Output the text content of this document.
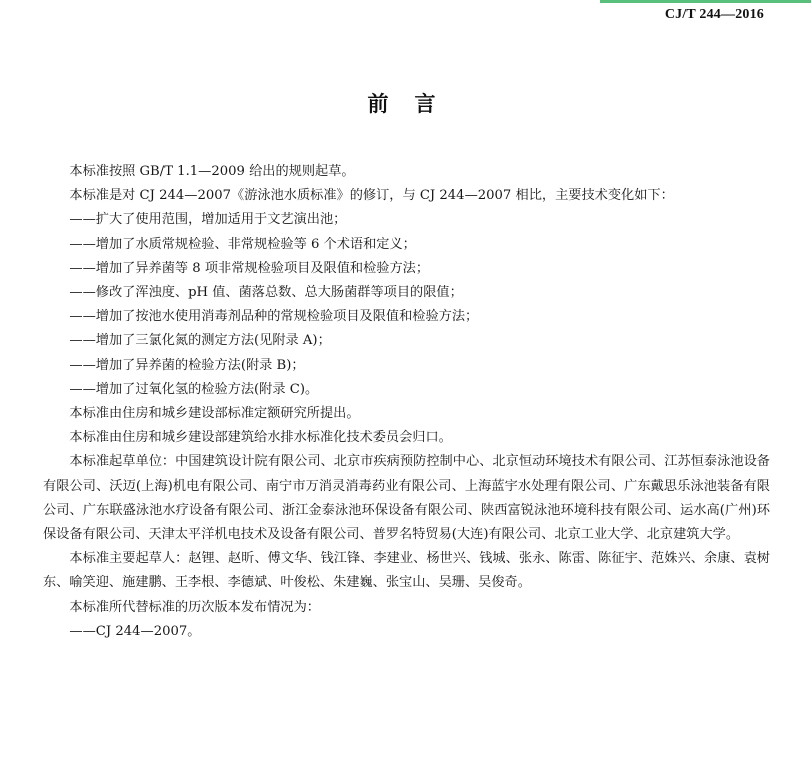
CJ/T 244—2016
前言

本标准按照 GB/T 1.1—2009 给出的规则起草。

本标准是对 CJ 244—2007《游泳池水质标准》的修订，与 CJ 244—2007 相比，主要技术变化如下：

——扩大了使用范围，增加适用于文艺演出池；

——增加了水质常规检验、非常规检验等 6 个术语和定义；

——增加了异养菌等 8 项非常规检验项目及限值和检验方法；

——修改了浑浊度、pH 值、菌落总数、总大肠菌群等项目的限值；

——增加了按池水使用消毒剂品种的常规检验项目及限值和检验方法；

——增加了三氯化氮的测定方法(见附录 A)；

——增加了异养菌的检验方法(附录 B)；

——增加了过氧化氢的检验方法(附录 C)。

本标准由住房和城乡建设部标准定额研究所提出。

本标准由住房和城乡建设部建筑给水排水标准化技术委员会归口。

本标准起草单位：中国建筑设计院有限公司、北京市疾病预防控制中心、北京恒动环境技术有限公司、江苏恒泰泳池设备有限公司、沃迈(上海)机电有限公司、南宁市万消灵消毒药业有限公司、上海蓝宇水处理有限公司、广东戴思乐泳池装备有限公司、广东联盛泳池水疗设备有限公司、浙江金泰泳池环保设备有限公司、陕西富锐泳池环境科技有限公司、运水高(广州)环保设备有限公司、天津太平洋机电技术及设备有限公司、普罗名特贸易(大连)有限公司、北京工业大学、北京建筑大学。

本标准主要起草人：赵锂、赵昕、傅文华、钱江锋、李建业、杨世兴、钱城、张永、陈雷、陈征宇、范姝兴、余康、袁树东、喻笑迎、施建鹏、王李根、李德斌、叶俊松、朱建巍、张宝山、吴珊、吴俊奇。

本标准所代替标准的历次版本发布情况为：

——CJ 244—2007。
